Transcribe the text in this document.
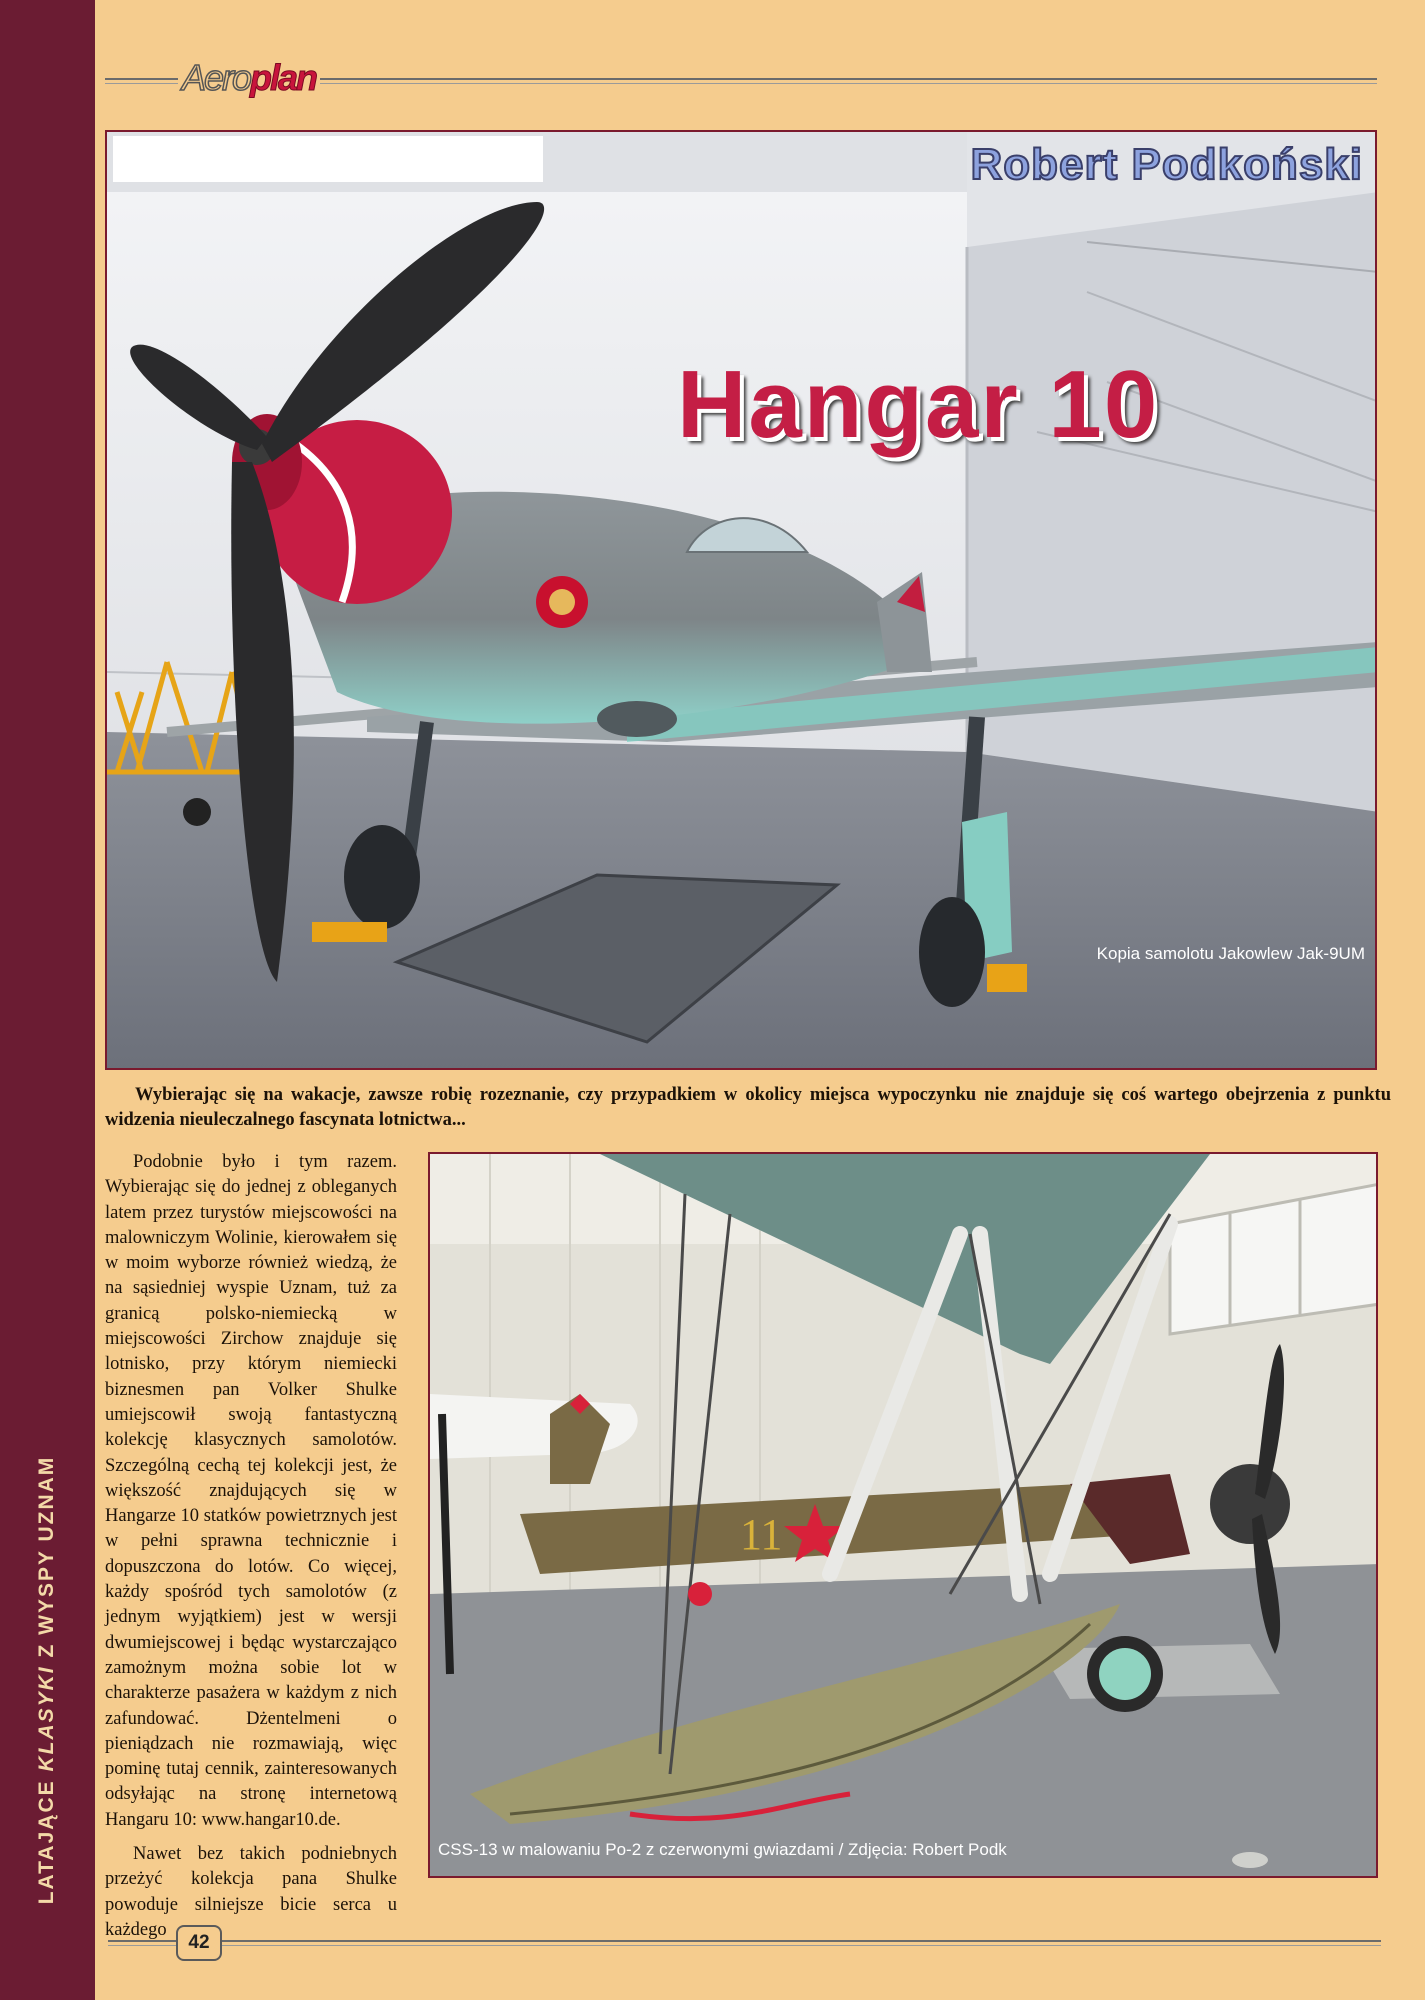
LATAJĄCE KLASYKI Z WYSPY UZNAM
Aeroplan
Robert Podkoński
Hangar 10
Kopia samolotu Jakowlew Jak-9UM
Wybierając się na wakacje, zawsze robię rozeznanie, czy przypadkiem w okolicy miejsca wypoczynku nie znajduje się coś wartego obejrzenia z punktu widzenia nieuleczalnego fascynata lotnictwa...

Podobnie było i tym razem. Wybierając się do jednej z obleganych latem przez turystów miejscowości na malowniczym Wolinie, kierowałem się w moim wyborze również wiedzą, że na sąsiedniej wyspie Uznam, tuż za granicą polsko-niemiecką w miejscowości Zirchow znajduje się lotnisko, przy którym niemiecki biznesmen pan Volker Shulke umiejscowił swoją fantastyczną kolekcję klasycznych samolotów. Szczególną cechą tej kolekcji jest, że większość znajdujących się w Hangarze 10 statków powietrznych jest w pełni sprawna technicznie i dopuszczona do lotów. Co więcej, każdy spośród tych samolotów (z jednym wyjątkiem) jest w wersji dwumiejscowej i będąc wystarczająco zamożnym można sobie lot w charakterze pasażera w każdym z nich zafundować. Dżentelmeni o pieniądzach nie rozmawiają, więc pominę tutaj cennik, zainteresowanych odsyłając na stronę internetową Hangaru 10: www.hangar10.de.

Nawet bez takich podniebnych przeżyć kolekcja pana Shulke powoduje silniejsze bicie serca u każdego

11
CSS-13 w malowaniu Po-2 z czerwonymi gwiazdami / Zdjęcia: Robert Podk
42
